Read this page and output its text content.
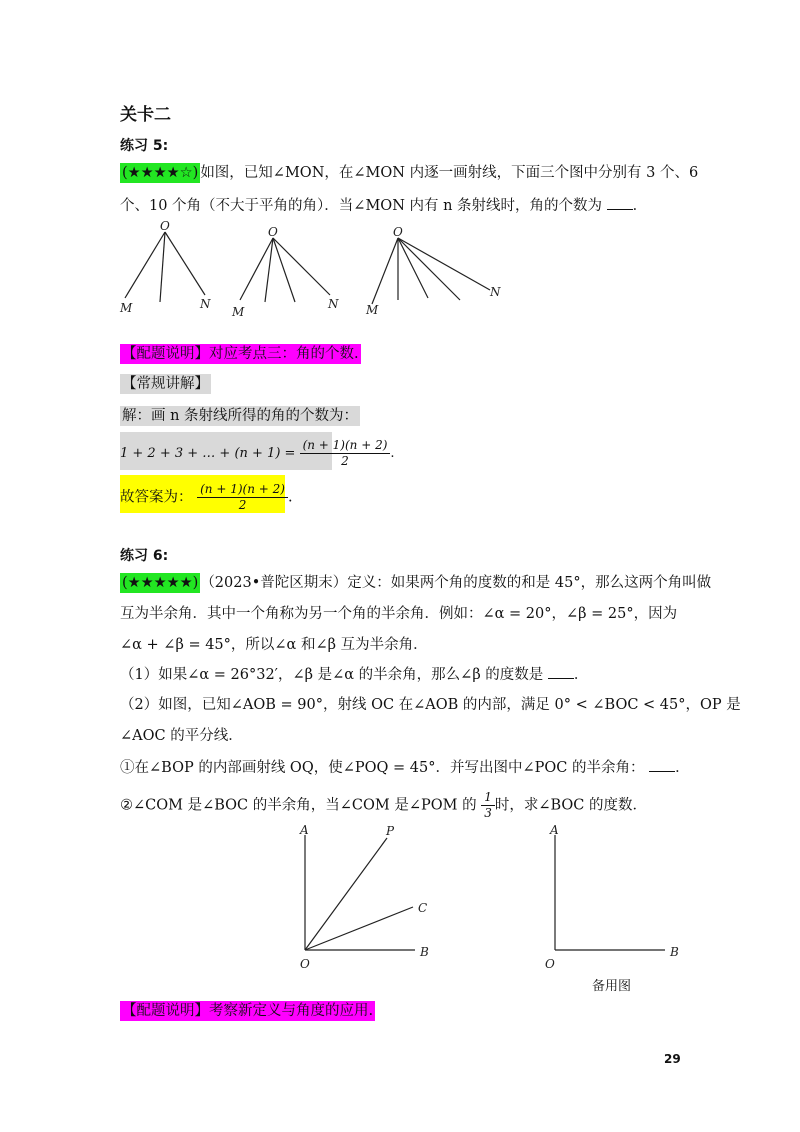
关卡二
练习 5:
(★★★★☆) 如图，已知∠MON，在∠MON 内逐一画射线，下面三个图中分别有 3 个、6
个、10 个角（不大于平角的角）．当∠MON 内有 n 条射线时，角的个数为 ．
O
M	N
O
M
N
O
M
N
【配题说明】对应考点三：角的个数.
【常规讲解】
解：画 n 条射线所得的角的个数为：
1 + 2 + 3 + … + $(n + 1) = \frac{(n + 1)(n + 2)}{2}$ .
故答案为： $\frac{(n + 1)(n + 2)}{2}$ .
练习 6:
(★★★★★) （2023•普陀区期末）定义：如果两个角的度数的和是 45°，那么这两个角叫做
互为半余角．其中一个角称为另一个角的半余角．例如：∠α = 20°，∠β = 25°，因为
∠α + ∠β = 45°，所以∠α 和∠β 互为半余角．
（1）如果∠α = 26°32′，∠β 是∠α 的半余角，那么∠β 的度数是 ．
（2）如图，已知∠AOB = 90°，射线 OC 在∠AOB 的内部，满足 0° < ∠BOC < 45°，OP 是
∠AOC 的平分线．
①在∠BOP 的内部画射线 OQ，使∠POQ = 45°．并写出图中∠POC 的半余角： ．
②∠COM 是∠BOC 的半余角，当∠COM 是∠POM 的 $\frac{1}{3}$ 时，求∠BOC 的度数．
A	P
C
B
O
A
B
O
备用图
【配题说明】考察新定义与角度的应用.
29
